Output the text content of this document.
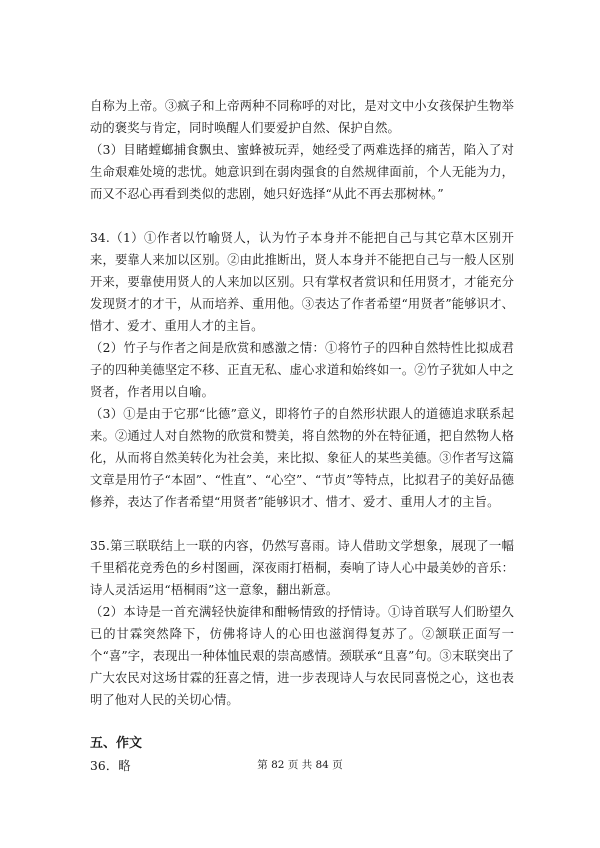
自称为上帝。③疯子和上帝两种不同称呼的对比，是对文中小女孩保护生物举动的褒奖与肯定，同时唤醒人们要爱护自然、保护自然。

（3）目睹螳螂捕食飘虫、蜜蜂被玩弄，她经受了两难选择的痛苦，陷入了对生命艰难处境的悲忧。她意识到在弱肉强食的自然规律面前，个人无能为力，而又不忍心再看到类似的悲剧，她只好选择“从此不再去那树林。”

34.（1）①作者以竹喻贤人，认为竹子本身并不能把自己与其它草木区别开来，要靠人来加以区别。②由此推断出，贤人本身并不能把自己与一般人区别开来，要靠使用贤人的人来加以区别。只有掌权者赏识和任用贤才，才能充分发现贤才的才干，从而培养、重用他。③表达了作者希望“用贤者”能够识才、惜才、爱才、重用人才的主旨。

（2）竹子与作者之间是欣赏和感激之情：①将竹子的四种自然特性比拟成君子的四种美德坚定不移、正直无私、虚心求道和始终如一。②竹子犹如人中之贤者，作者用以自喻。

（3）①是由于它那“比德”意义，即将竹子的自然形状跟人的道德追求联系起来。②通过人对自然物的欣赏和赞美，将自然物的外在特征通，把自然物人格化，从而将自然美转化为社会美，来比拟、象征人的某些美德。③作者写这篇文章是用竹子“本固”、“性直”、“心空”、“节贞”等特点，比拟君子的美好品德修养，表达了作者希望“用贤者”能够识才、惜才、爱才、重用人才的主旨。

35.第三联联结上一联的内容，仍然写喜雨。诗人借助文学想象，展现了一幅千里稻花竞秀色的乡村图画，深夜雨打梧桐，奏响了诗人心中最美妙的音乐：诗人灵活运用“梧桐雨”这一意象，翻出新意。

（2）本诗是一首充满轻快旋律和酣畅情致的抒情诗。①诗首联写人们盼望久已的甘霖突然降下，仿佛将诗人的心田也滋润得复苏了。②颔联正面写一个“喜”字，表现出一种体恤民艰的崇高感情。颈联承“且喜”句。③末联突出了广大农民对这场甘霖的狂喜之情，进一步表现诗人与农民同喜悦之心，这也表明了他对人民的关切心情。

五、作文

36．略	第 82 页 共 84 页
